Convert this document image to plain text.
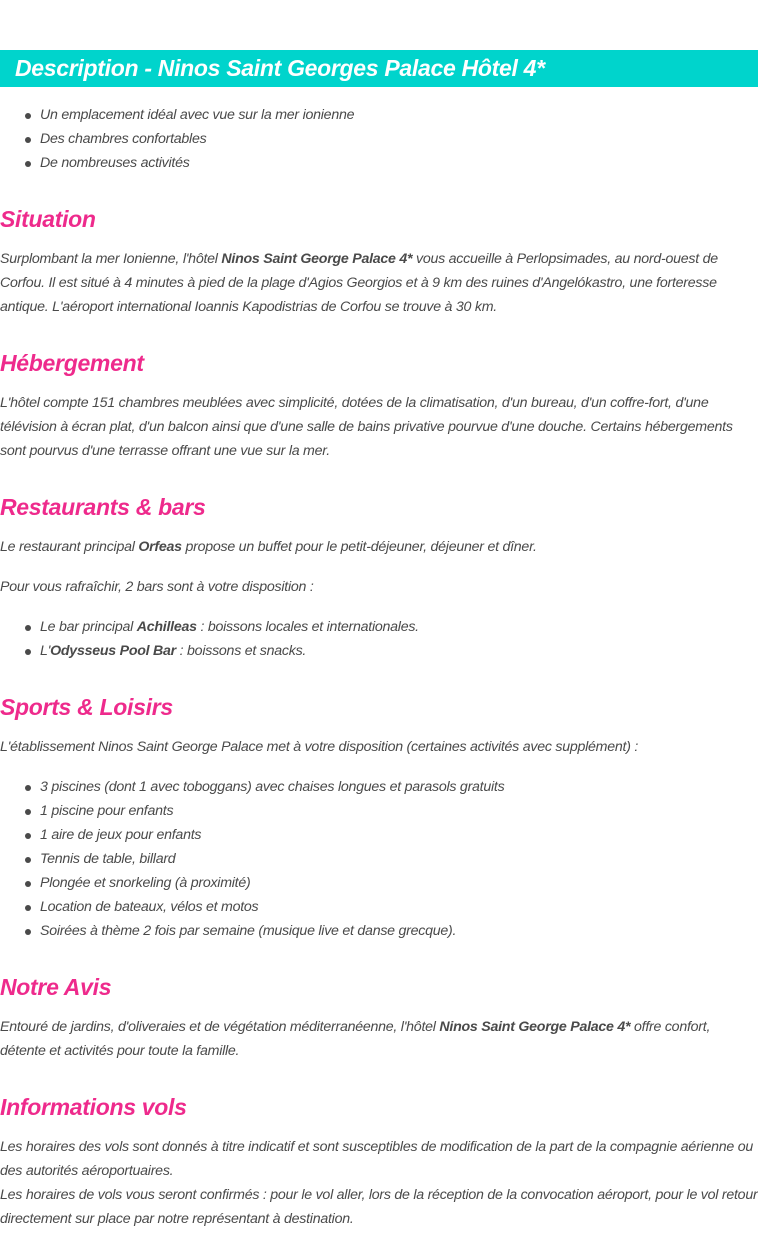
Description - Ninos Saint Georges Palace Hôtel 4*
Un emplacement idéal avec vue sur la mer ionienne
Des chambres confortables
De nombreuses activités
Situation

Surplombant la mer Ionienne, l'hôtel Ninos Saint George Palace 4* vous accueille à Perlopsimades, au nord-ouest de Corfou. Il est situé à 4 minutes à pied de la plage d'Agios Georgios et à 9 km des ruines d'Angelókastro, une forteresse antique. L'aéroport international Ioannis Kapodistrias de Corfou se trouve à 30 km.

Hébergement

L'hôtel compte 151 chambres meublées avec simplicité, dotées de la climatisation, d'un bureau, d'un coffre-fort, d'une télévision à écran plat, d'un balcon ainsi que d'une salle de bains privative pourvue d'une douche. Certains hébergements sont pourvus d'une terrasse offrant une vue sur la mer.

Restaurants & bars

Le restaurant principal Orfeas propose un buffet pour le petit-déjeuner, déjeuner et dîner.

Pour vous rafraîchir, 2 bars sont à votre disposition :

Le bar principal Achilleas : boissons locales et internationales.
L'Odysseus Pool Bar : boissons et snacks.
Sports & Loisirs

L'établissement Ninos Saint George Palace met à votre disposition (certaines activités avec supplément) :

3 piscines (dont 1 avec toboggans) avec chaises longues et parasols gratuits
1 piscine pour enfants
1 aire de jeux pour enfants
Tennis de table, billard
Plongée et snorkeling (à proximité)
Location de bateaux, vélos et motos
Soirées à thème 2 fois par semaine (musique live et danse grecque).
Notre Avis

Entouré de jardins, d'oliveraies et de végétation méditerranéenne, l'hôtel Ninos Saint George Palace 4* offre confort, détente et activités pour toute la famille.

Informations vols

Les horaires des vols sont donnés à titre indicatif et sont susceptibles de modification de la part de la compagnie aérienne ou des autorités aéroportuaires.

Les horaires de vols vous seront confirmés : pour le vol aller, lors de la réception de la convocation aéroport, pour le vol retour directement sur place par notre représentant à destination.
